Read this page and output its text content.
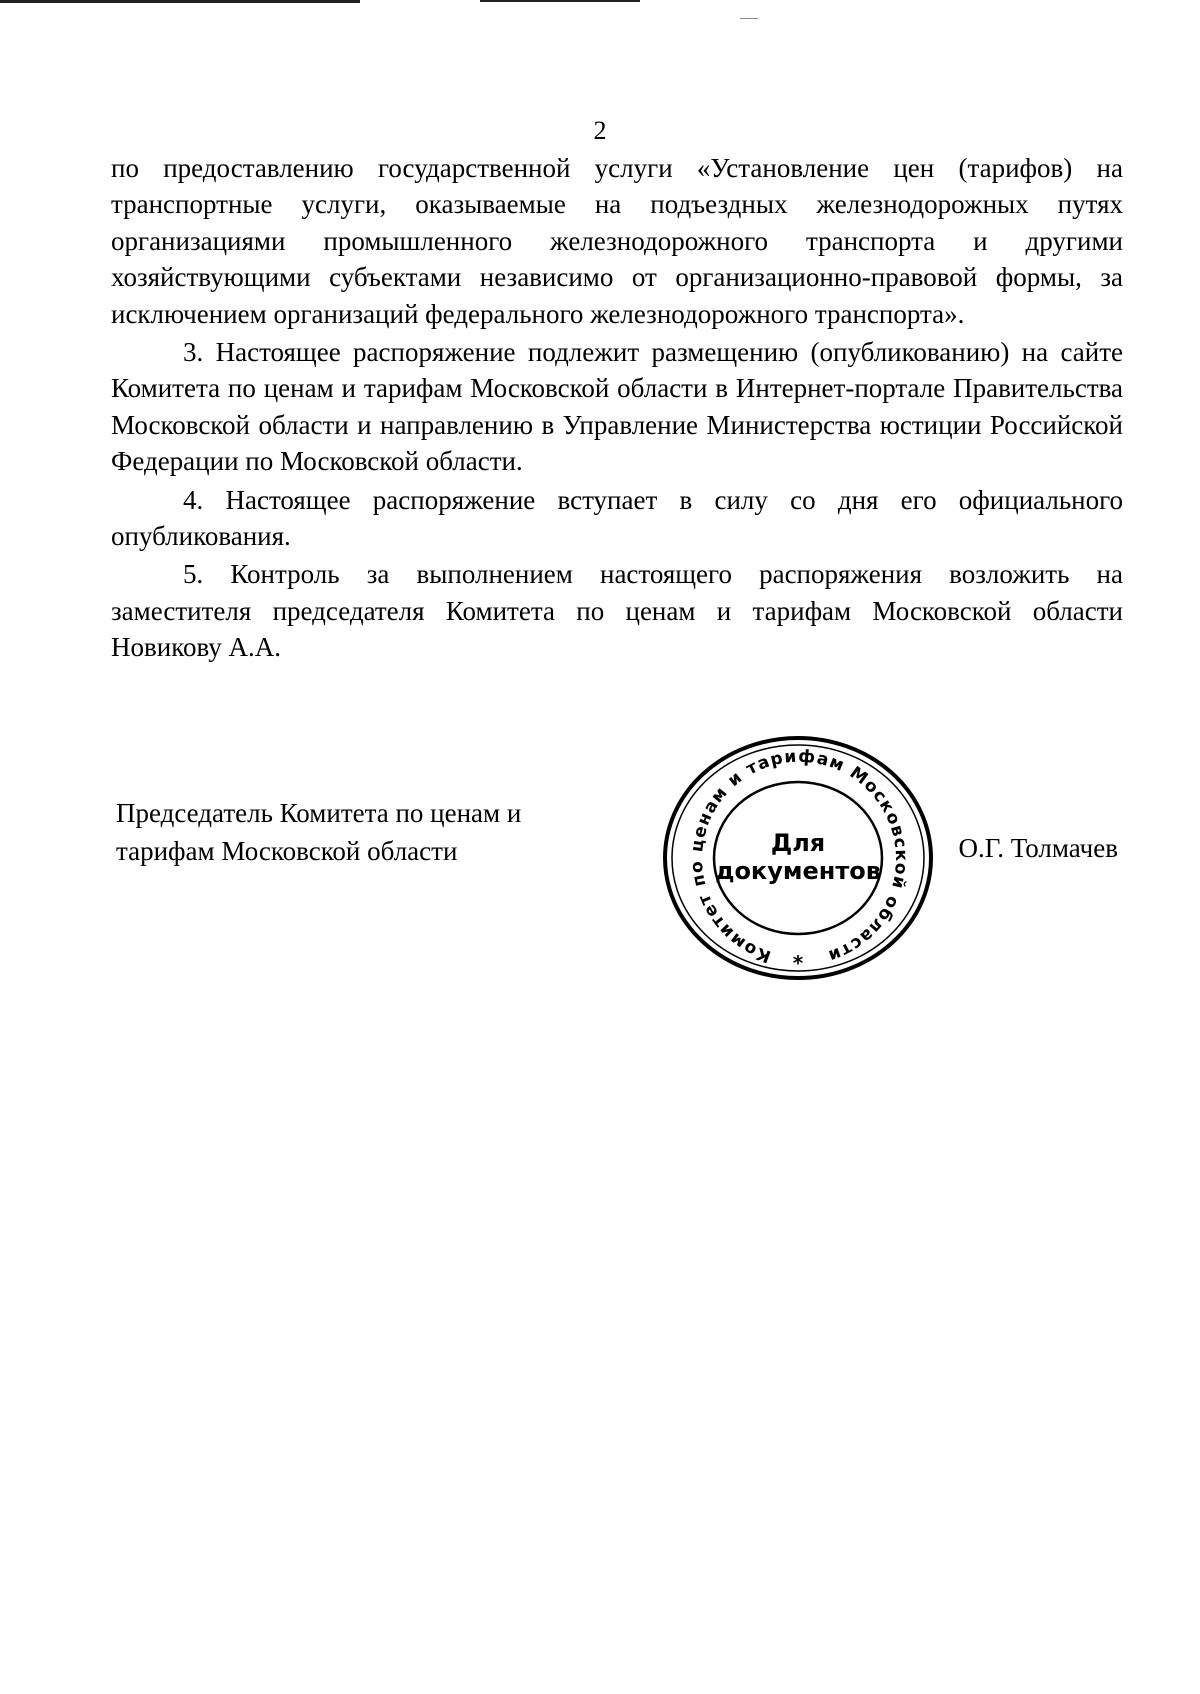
2

по предоставлению государственной услуги «Установление цен (тарифов) на транспортные услуги, оказываемые на подъездных железнодорожных путях организациями промышленного железнодорожного транспорта и другими хозяйствующими субъектами независимо от организационно-правовой формы, за исключением организаций федерального железнодорожного транспорта».

3. Настоящее распоряжение подлежит размещению (опубликованию) на сайте Комитета по ценам и тарифам Московской области в Интернет-портале Правительства Московской области и направлению в Управление Министерства юстиции Российской Федерации по Московской области.

4. Настоящее распоряжение вступает в силу со дня его официального опубликования.

5. Контроль за выполнением настоящего распоряжения возложить на заместителя председателя Комитета по ценам и тарифам Московской области Новикову А.А.

Председатель Комитета по ценам и
тарифам Московской области
Комитет по ценам и тарифам Московской области
Для
документов
*
О.Г. Толмачев
